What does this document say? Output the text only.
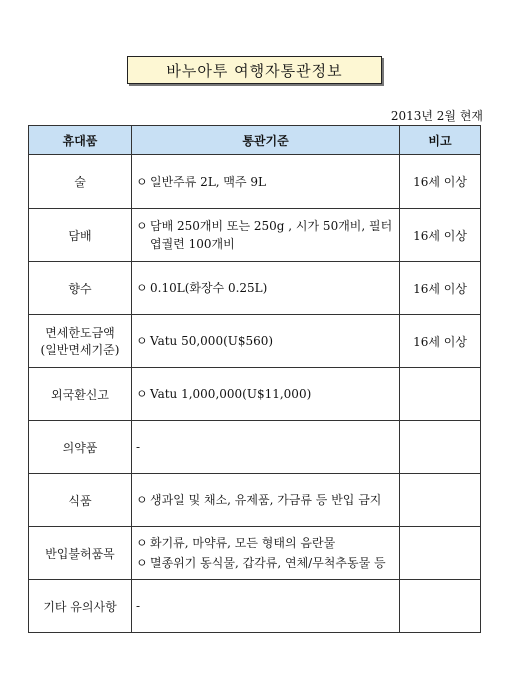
바누아투 여행자통관정보
2013년 2월 현재
휴대품	통관기준	비고
술	ㅇ 일반주류 2L, 맥주 9L	16세 이상
담배	ㅇ 담배 250개비 또는 250g , 시가 50개비, 필터엽궐련 100개비	16세 이상
향수	ㅇ 0.10L(화장수 0.25L)	16세 이상
면세한도금액
(일반면세기준)	ㅇ Vatu 50,000(U$560)	16세 이상
외국환신고	ㅇ Vatu 1,000,000(U$11,000)	

의약품	-	
식품	ㅇ 생과일 및 채소, 유제품, 가금류 등 반입 금지	

반입불허품목	ㅇ 화기류, 마약류, 모든 형태의 음란물
ㅇ 멸종위기 동식물, 갑각류, 연체/무척추동물 등	

기타 유의사항	-	
